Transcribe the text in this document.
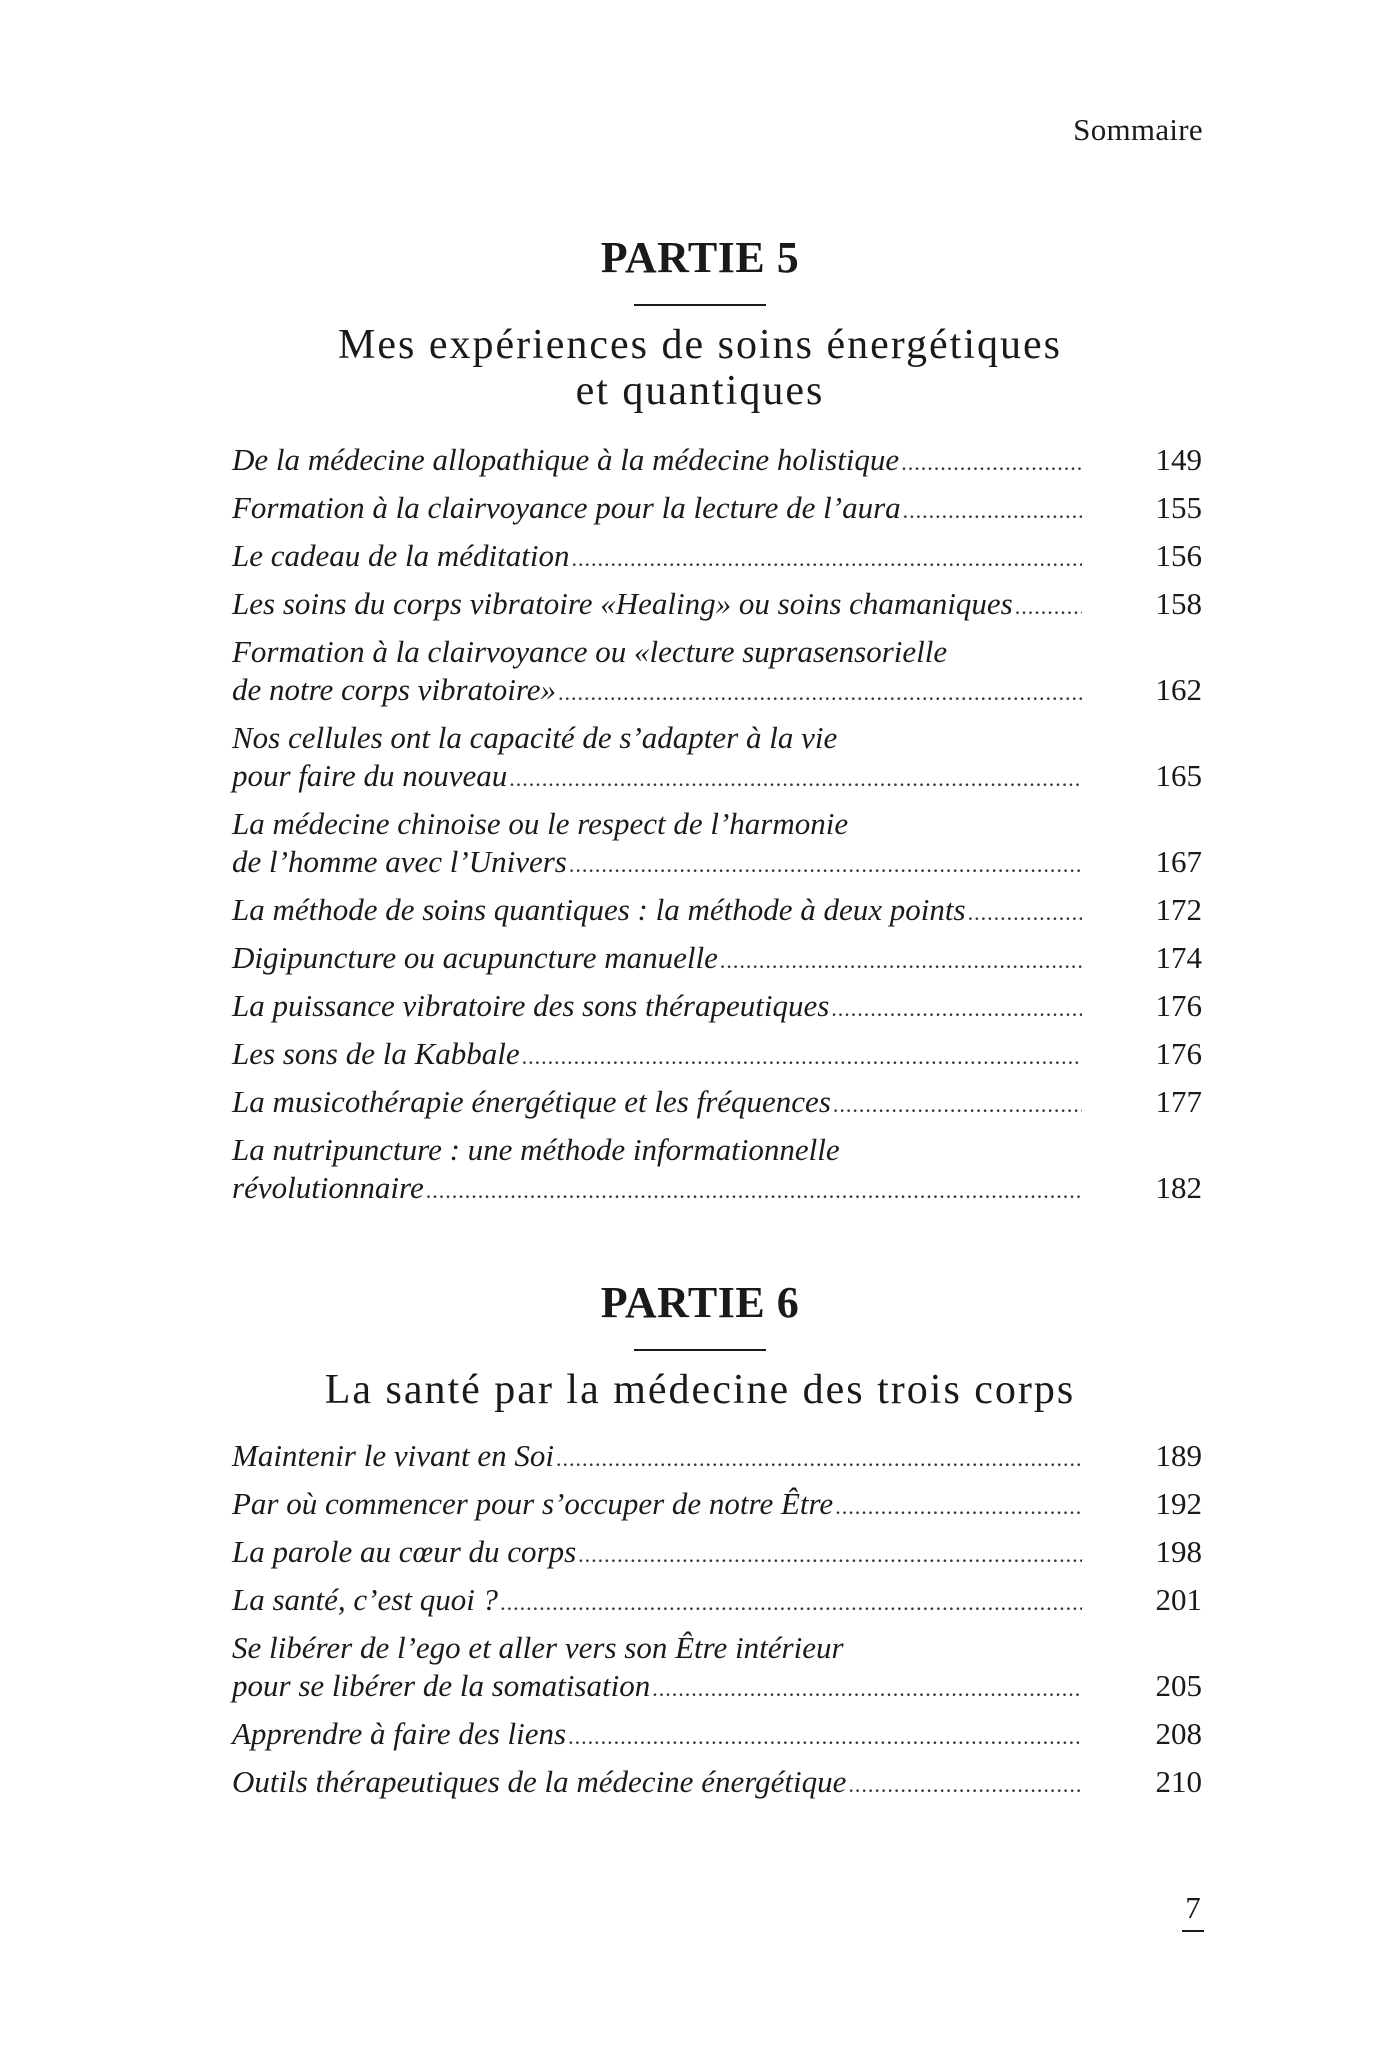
Sommaire
PARTIE 5
Mes expériences de soins énergétiques
et quantiques
De la médecine allopathique à la médecine holistique .....	149
Formation à la clairvoyance pour la lecture de l’aura .....	155
Le cadeau de la méditation .....	156
Les soins du corps vibratoire «Healing» ou soins chamaniques .....	158
Formation à la clairvoyance ou «lecture suprasensorielle
de notre corps vibratoire» .....	162
Nos cellules ont la capacité de s’adapter à la vie
pour faire du nouveau .....	165
La médecine chinoise ou le respect de l’harmonie
de l’homme avec l’Univers .....	167
La méthode de soins quantiques : la méthode à deux points .....	172
Digipuncture ou acupuncture manuelle .....	174
La puissance vibratoire des sons thérapeutiques .....	176
Les sons de la Kabbale .....	176
La musicothérapie énergétique et les fréquences .....	177
La nutripuncture : une méthode informationnelle
révolutionnaire .....	182
PARTIE 6
La santé par la médecine des trois corps
Maintenir le vivant en Soi .....	189
Par où commencer pour s’occuper de notre Être .....	192
La parole au cœur du corps .....	198
La santé, c’est quoi ? .....	201
Se libérer de l’ego et aller vers son Être intérieur
pour se libérer de la somatisation .....	205
Apprendre à faire des liens .....	208
Outils thérapeutiques de la médecine énergétique .....	210
7
